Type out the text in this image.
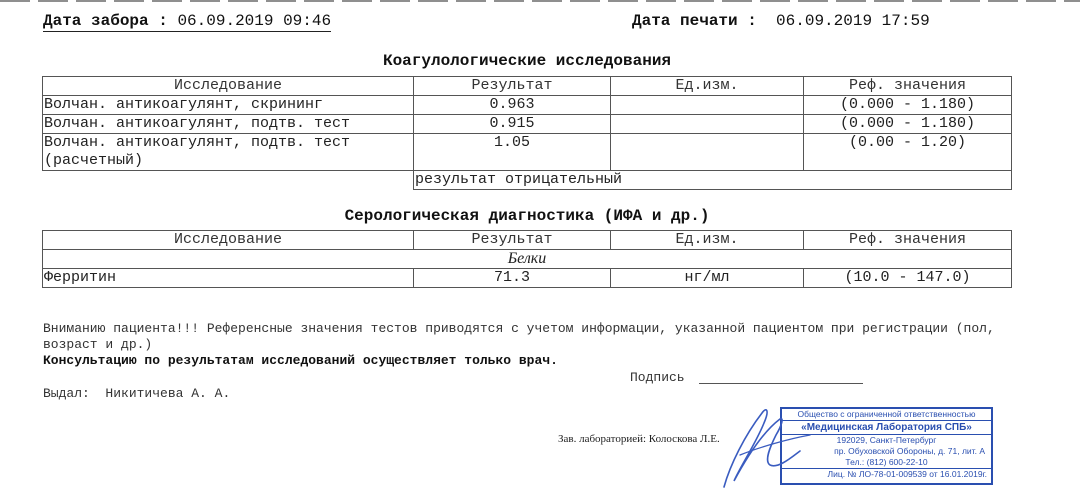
Дата забора : 06.09.2019 09:46	Дата печати : 06.09.2019 17:59
Коагулологические исследования
Исследование	Результат	Ед.изм.	Реф. значения
Волчан. антикоагулянт, скрининг	0.963		(0.000 - 1.180)
Волчан. антикоагулянт, подтв. тест	0.915		(0.000 - 1.180)
Волчан. антикоагулянт, подтв. тест (расчетный)	1.05		(0.00 - 1.20)
	результат отрицательный		
Серологическая диагностика (ИФА и др.)
Исследование	Результат	Ед.изм.	Реф. значения
Белки			
Ферритин	71.3	нг/мл	(10.0 - 147.0)
Вниманию пациента!!! Референсные значения тестов приводятся с учетом информации, указанной пациентом при регистрации (пол, возраст и др.)
Консультацию по результатам исследований осуществляет только врач.
Подпись
Выдал: Никитичева А. А.
Зав. лабораторией: Колоскова Л.Е.
Общество с ограниченной ответственностью
«Медицинская Лаборатория СПБ»
192029, Санкт-Петербург
пр. Обуховской Обороны, д. 71, лит. А
Тел.: (812) 600-22-10
Лиц. № ЛО-78-01-009539 от 16.01.2019г.
